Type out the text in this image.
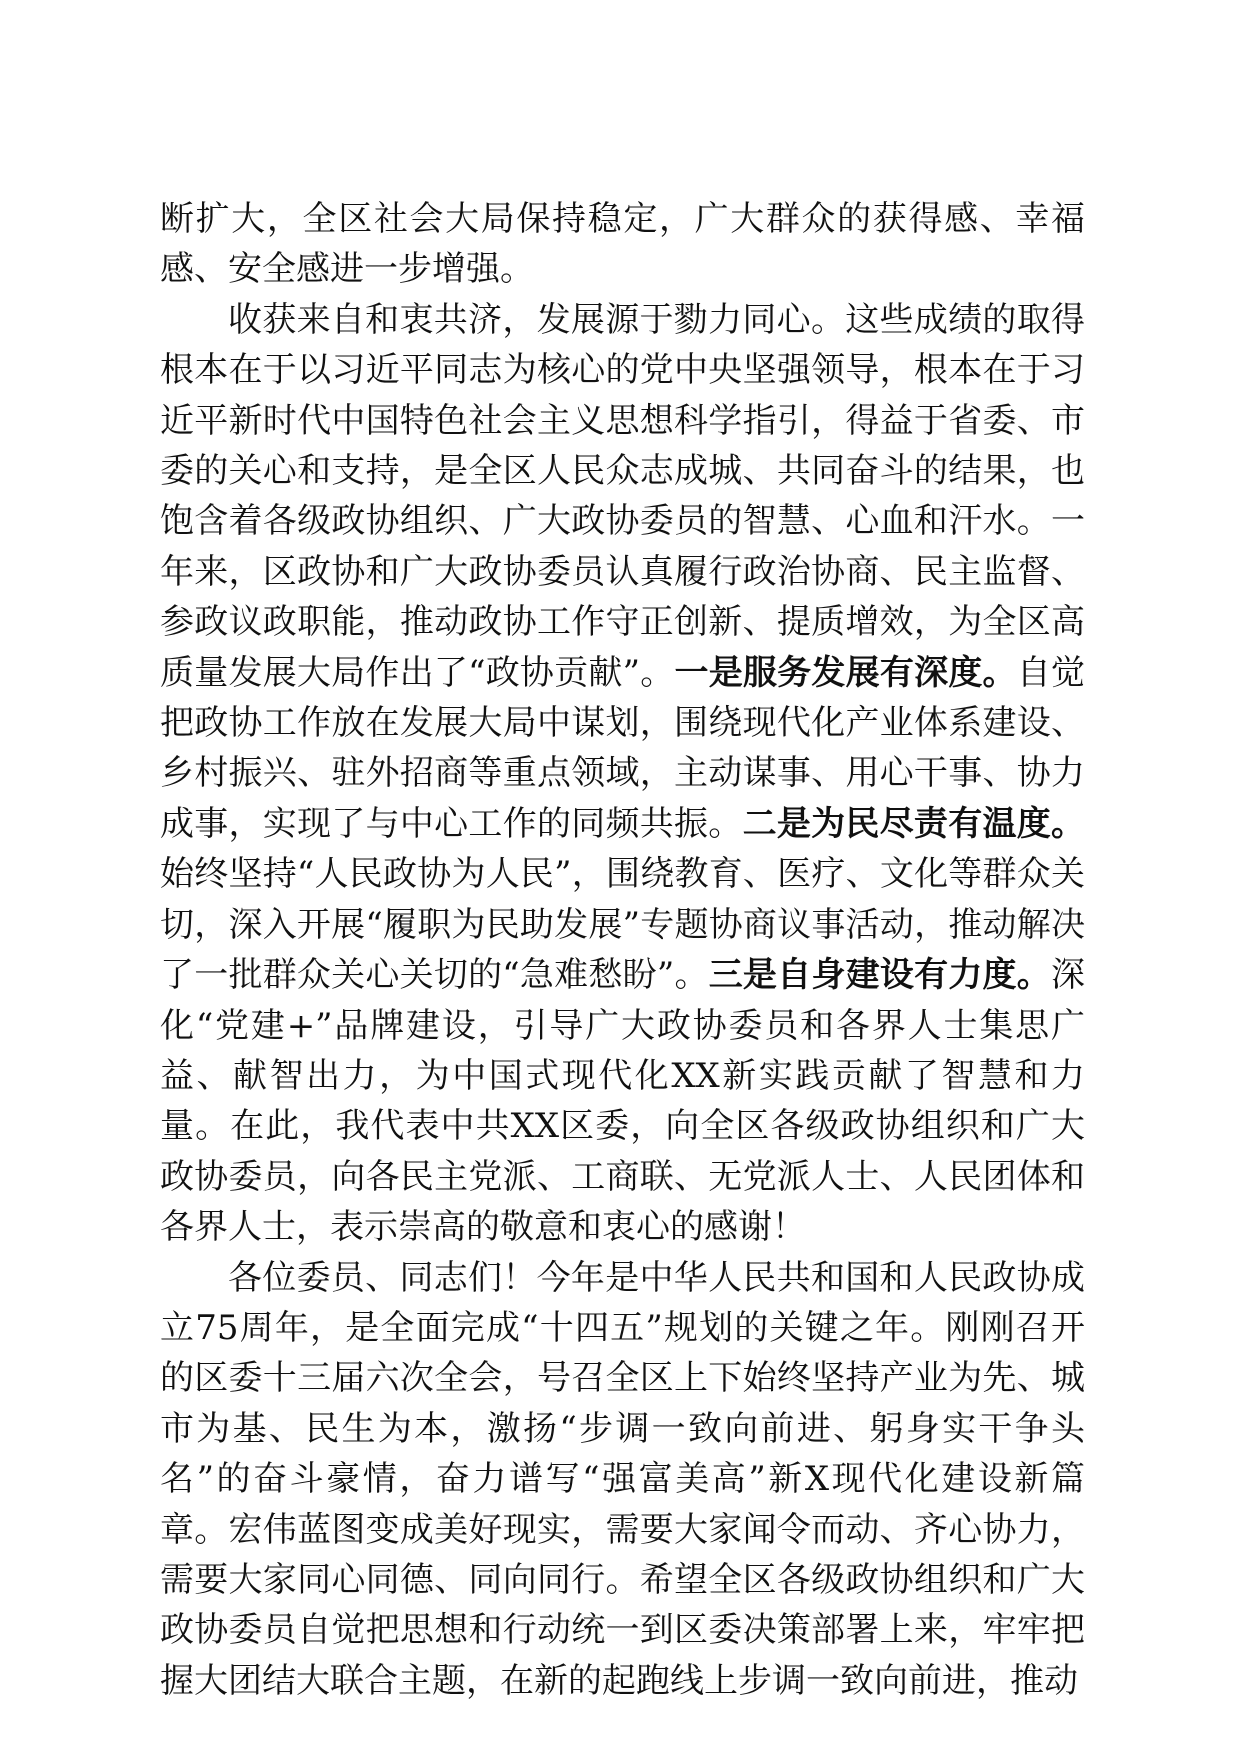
断扩大，全区社会大局保持稳定，广大群众的获得感、幸福感、安全感进一步增强。

收获来自和衷共济，发展源于勠力同心。这些成绩的取得根本在于以习近平同志为核心的党中央坚强领导，根本在于习近平新时代中国特色社会主义思想科学指引，得益于省委、市委的关心和支持，是全区人民众志成城、共同奋斗的结果，也饱含着各级政协组织、广大政协委员的智慧、心血和汗水。一年来，区政协和广大政协委员认真履行政治协商、民主监督、参政议政职能，推动政协工作守正创新、提质增效，为全区高质量发展大局作出了“政协贡献”。一是服务发展有深度。自觉把政协工作放在发展大局中谋划，围绕现代化产业体系建设、乡村振兴、驻外招商等重点领域，主动谋事、用心干事、协力成事，实现了与中心工作的同频共振。二是为民尽责有温度。始终坚持“人民政协为人民”，围绕教育、医疗、文化等群众关切，深入开展“履职为民助发展”专题协商议事活动，推动解决了一批群众关心关切的“急难愁盼”。三是自身建设有力度。深化“党建+”品牌建设，引导广大政协委员和各界人士集思广益、献智出力，为中国式现代化XX新实践贡献了智慧和力量。在此，我代表中共XX区委，向全区各级政协组织和广大政协委员，向各民主党派、工商联、无党派人士、人民团体和各界人士，表示崇高的敬意和衷心的感谢！

各位委员、同志们！今年是中华人民共和国和人民政协成立75周年，是全面完成“十四五”规划的关键之年。刚刚召开的区委十三届六次全会，号召全区上下始终坚持产业为先、城市为基、民生为本，激扬“步调一致向前进、躬身实干争头名”的奋斗豪情，奋力谱写“强富美高”新X现代化建设新篇章。宏伟蓝图变成美好现实，需要大家闻令而动、齐心协力，需要大家同心同德、同向同行。希望全区各级政协组织和广大政协委员自觉把思想和行动统一到区委决策部署上来，牢牢把握大团结大联合主题，在新的起跑线上步调一致向前进，推动
